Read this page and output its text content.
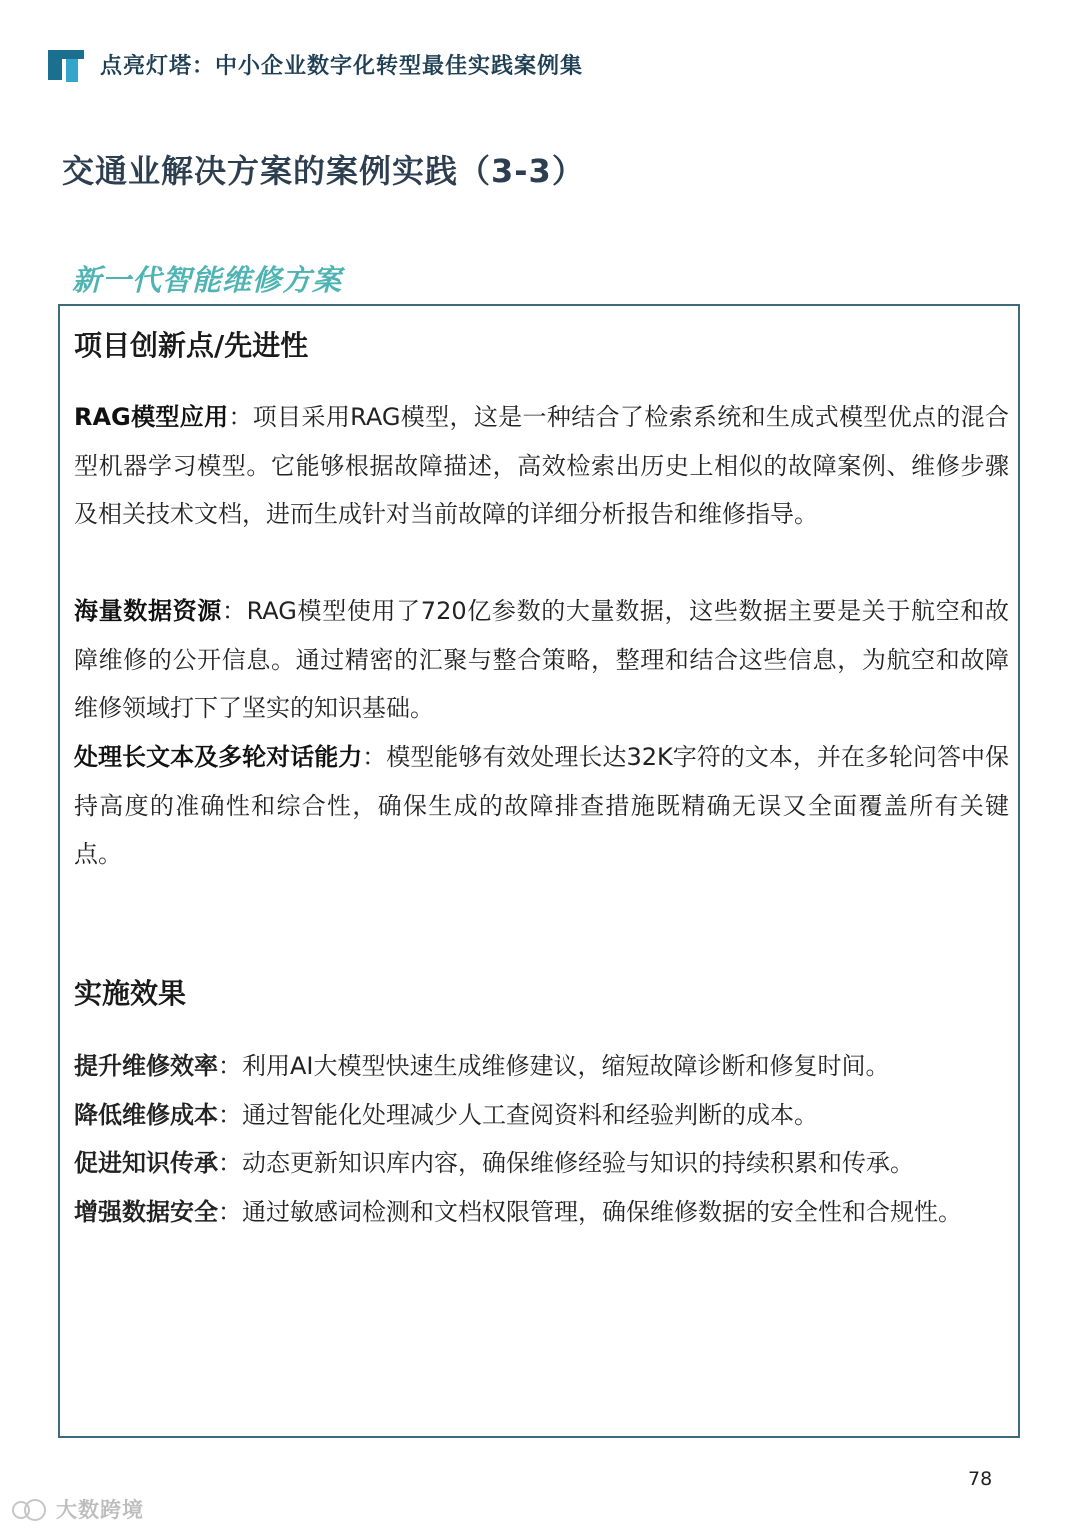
点亮灯塔：中小企业数字化转型最佳实践案例集
交通业解决方案的案例实践（3-3）
新一代智能维修方案
项目创新点/先进性
RAG模型应用：项目采用RAG模型，这是一种结合了检索系统和生成式模型优点的混合型机器学习模型。它能够根据故障描述，高效检索出历史上相似的故障案例、维修步骤及相关技术文档，进而生成针对当前故障的详细分析报告和维修指导。
海量数据资源：RAG模型使用了720亿参数的大量数据，这些数据主要是关于航空和故障维修的公开信息。通过精密的汇聚与整合策略，整理和结合这些信息，为航空和故障维修领域打下了坚实的知识基础。
处理长文本及多轮对话能力：模型能够有效处理长达32K字符的文本，并在多轮问答中保持高度的准确性和综合性，确保生成的故障排查措施既精确无误又全面覆盖所有关键点。
实施效果
提升维修效率：利用AI大模型快速生成维修建议，缩短故障诊断和修复时间。
降低维修成本：通过智能化处理减少人工查阅资料和经验判断的成本。
促进知识传承：动态更新知识库内容，确保维修经验与知识的持续积累和传承。
增强数据安全：通过敏感词检测和文档权限管理，确保维修数据的安全性和合规性。
78
大数跨境
